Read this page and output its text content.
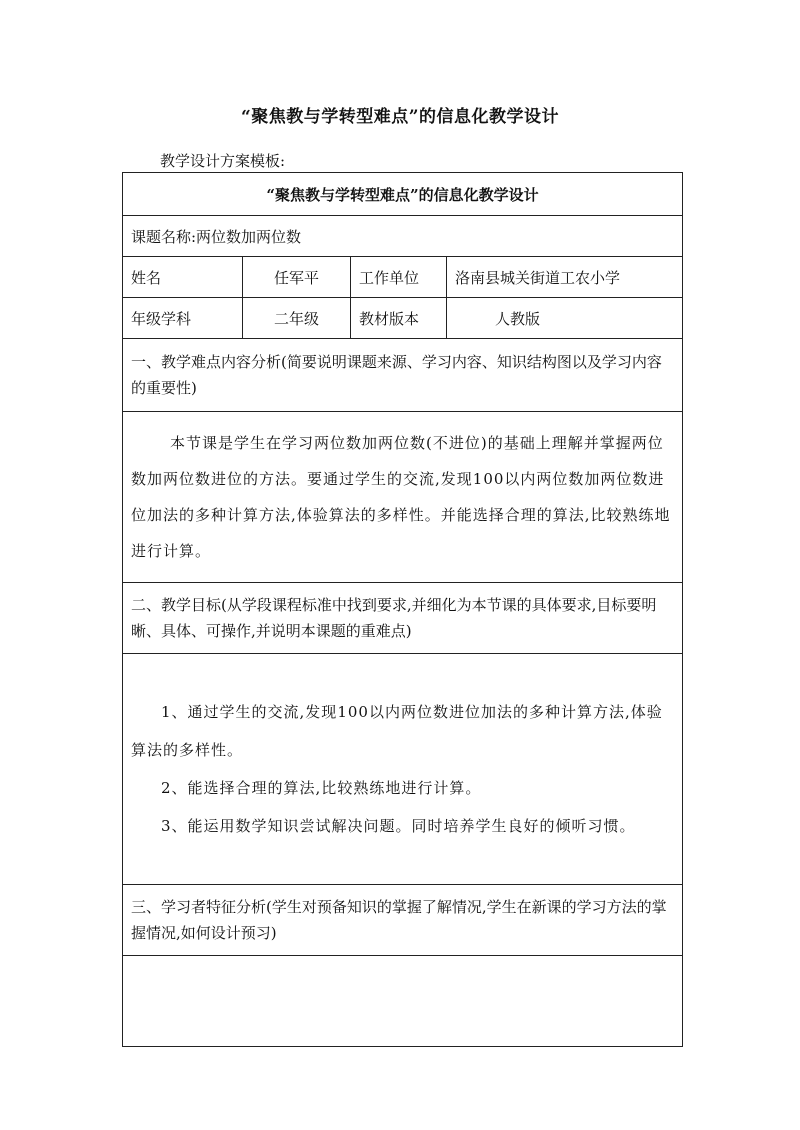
“聚焦教与学转型难点”的信息化教学设计
教学设计方案模板:
“聚焦教与学转型难点”的信息化教学设计			
课题名称:两位数加两位数			
姓名	任军平	工作单位	洛南县城关街道工农小学
年级学科	二年级	教材版本	人教版
一、教学难点内容分析(简要说明课题来源、学习内容、知识结构图以及学习内容的重要性)			

本节课是学生在学习两位数加两位数(不进位)的基础上理解并掌握两位数加两位数进位的方法。要通过学生的交流,发现100以内两位数加两位数进位加法的多种计算方法,体验算法的多样性。并能选择合理的算法,比较熟练地进行计算。			

二、教学目标(从学段课程标准中找到要求,并细化为本节课的具体要求,目标要明晰、具体、可操作,并说明本课题的重难点)			

1、通过学生的交流,发现100以内两位数进位加法的多种计算方法,体验算法的多样性。

2、能选择合理的算法,比较熟练地进行计算。

3、能运用数学知识尝试解决问题。同时培养学生良好的倾听习惯。			

三、学习者特征分析(学生对预备知识的掌握了解情况,学生在新课的学习方法的掌握情况,如何设计预习)			
